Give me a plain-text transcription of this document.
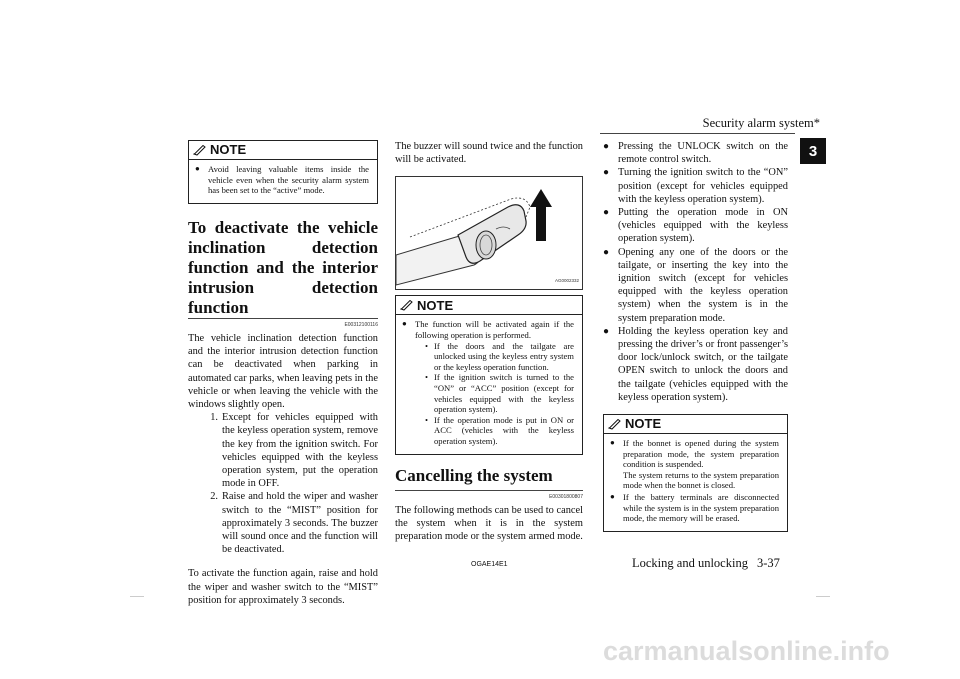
Security alarm system*
3
NOTE
● Avoid leaving valuable items inside the vehicle even when the security alarm system has been set to the “active” mode.
To deactivate the vehicle inclination detection function and the interior intrusion detection function
E00312100116

The vehicle inclination detection function and the interior intrusion detection function can be deactivated when parking in automated car parks, when leaving pets in the vehicle or when leaving the vehicle with the windows slightly open.

1. Except for vehicles equipped with the keyless operation system, remove the key from the ignition switch. For vehicles equipped with the keyless operation system, put the operation mode in OFF.
2. Raise and hold the wiper and washer switch to the “MIST” position for approximately 3 seconds. The buzzer will sound once and the function will be deactivated.

To activate the function again, raise and hold the wiper and washer switch to the “MIST” position for approximately 3 seconds.

The buzzer will sound twice and the function will be activated.

AG0002332
NOTE
● The function will be activated again if the following operation is performed.
• If the doors and the tailgate are unlocked using the keyless entry system or the keyless operation function.
• If the ignition switch is turned to the “ON” or “ACC” position (except for vehicles equipped with the keyless operation system).
• If the operation mode is put in ON or ACC (vehicles with the keyless operation system).
Cancelling the system
E00301800807

The following methods can be used to cancel the system when it is in the system preparation mode or the system armed mode.

● Pressing the UNLOCK switch on the remote control switch.
● Turning the ignition switch to the “ON” position (except for vehicles equipped with the keyless operation system).
● Putting the operation mode in ON (vehicles equipped with the keyless operation system).
● Opening any one of the doors or the tailgate, or inserting the key into the ignition switch (except for vehicles equipped with the keyless operation system) when the system is in the system preparation mode.
● Holding the keyless operation key and pressing the driver’s or front passenger’s door lock/unlock switch, or the tailgate OPEN switch to unlock the doors and the tailgate (vehicles equipped with the keyless operation system).
NOTE
● If the bonnet is opened during the system preparation mode, the system preparation condition is suspended.
The system returns to the system preparation mode when the bonnet is closed.
● If the battery terminals are disconnected while the system is in the system preparation mode, the memory will be erased.
OGAE14E1	Locking and unlocking 3-37
carmanualsonline.info
